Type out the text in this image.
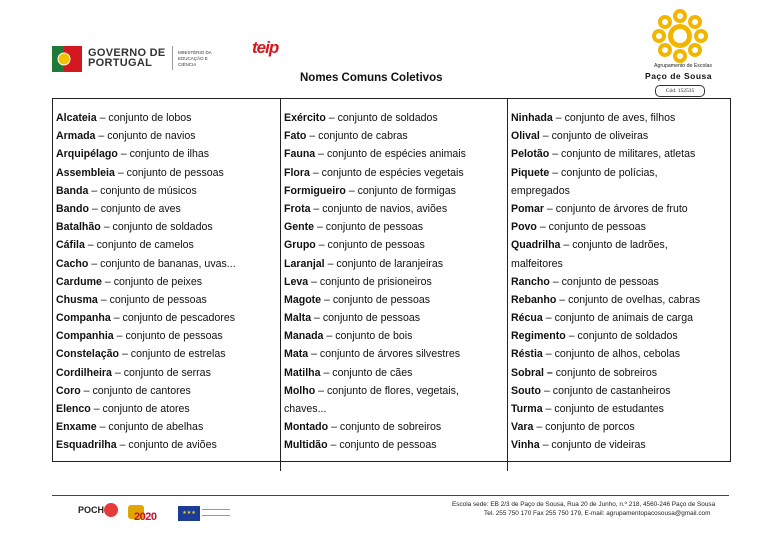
GOVERNO DE
PORTUGAL
MINISTÉRIO DA EDUCAÇÃO E CIÊNCIA
teip
Nomes Comuns Coletivos
Agrupamento de Escolas
Paço de Sousa
Cód. 152535
Alcateia – conjunto de lobos
Armada – conjunto de navios
Arquipélago – conjunto de ilhas
Assembleia – conjunto de pessoas
Banda – conjunto de músicos
Bando – conjunto de aves
Batalhão – conjunto de soldados
Cáfila – conjunto de camelos
Cacho – conjunto de bananas, uvas...
Cardume – conjunto de peixes
Chusma – conjunto de pessoas
Companha – conjunto de pescadores
Companhia – conjunto de pessoas
Constelação – conjunto de estrelas
Cordilheira – conjunto de serras
Coro – conjunto de cantores
Elenco – conjunto de atores
Enxame – conjunto de abelhas
Esquadrilha – conjunto de aviões
Exército – conjunto de soldados
Fato – conjunto de cabras
Fauna – conjunto de espécies animais
Flora – conjunto de espécies vegetais
Formigueiro – conjunto de formigas
Frota – conjunto de navios, aviões
Gente – conjunto de pessoas
Grupo – conjunto de pessoas
Laranjal – conjunto de laranjeiras
Leva – conjunto de prisioneiros
Magote – conjunto de pessoas
Malta – conjunto de pessoas
Manada – conjunto de bois
Mata – conjunto de árvores silvestres
Matilha – conjunto de cães
Molho – conjunto de flores, vegetais,
chaves...
Montado – conjunto de sobreiros
Multidão – conjunto de pessoas
Ninhada – conjunto de aves, filhos
Olival – conjunto de oliveiras
Pelotão – conjunto de militares, atletas
Piquete – conjunto de polícias,
empregados
Pomar – conjunto de árvores de fruto
Povo – conjunto de pessoas
Quadrilha – conjunto de ladrões,
malfeitores
Rancho – conjunto de pessoas
Rebanho – conjunto de ovelhas, cabras
Récua – conjunto de animais de carga
Regimento – conjunto de soldados
Réstia – conjunto de alhos, cebolas
Sobral – conjunto de sobreiros
Souto – conjunto de castanheiros
Turma – conjunto de estudantes
Vara – conjunto de porcos
Vinha – conjunto de videiras
POCH
2020	★★★
Escola sede: EB 2/3 de Paço de Sousa, Rua 20 de Junho, n.º 218, 4560-246 Paço de Sousa
Tel. 255 750 170 Fax 255 750 179, E-mail: agrupamentopacosousa@gmail.com
